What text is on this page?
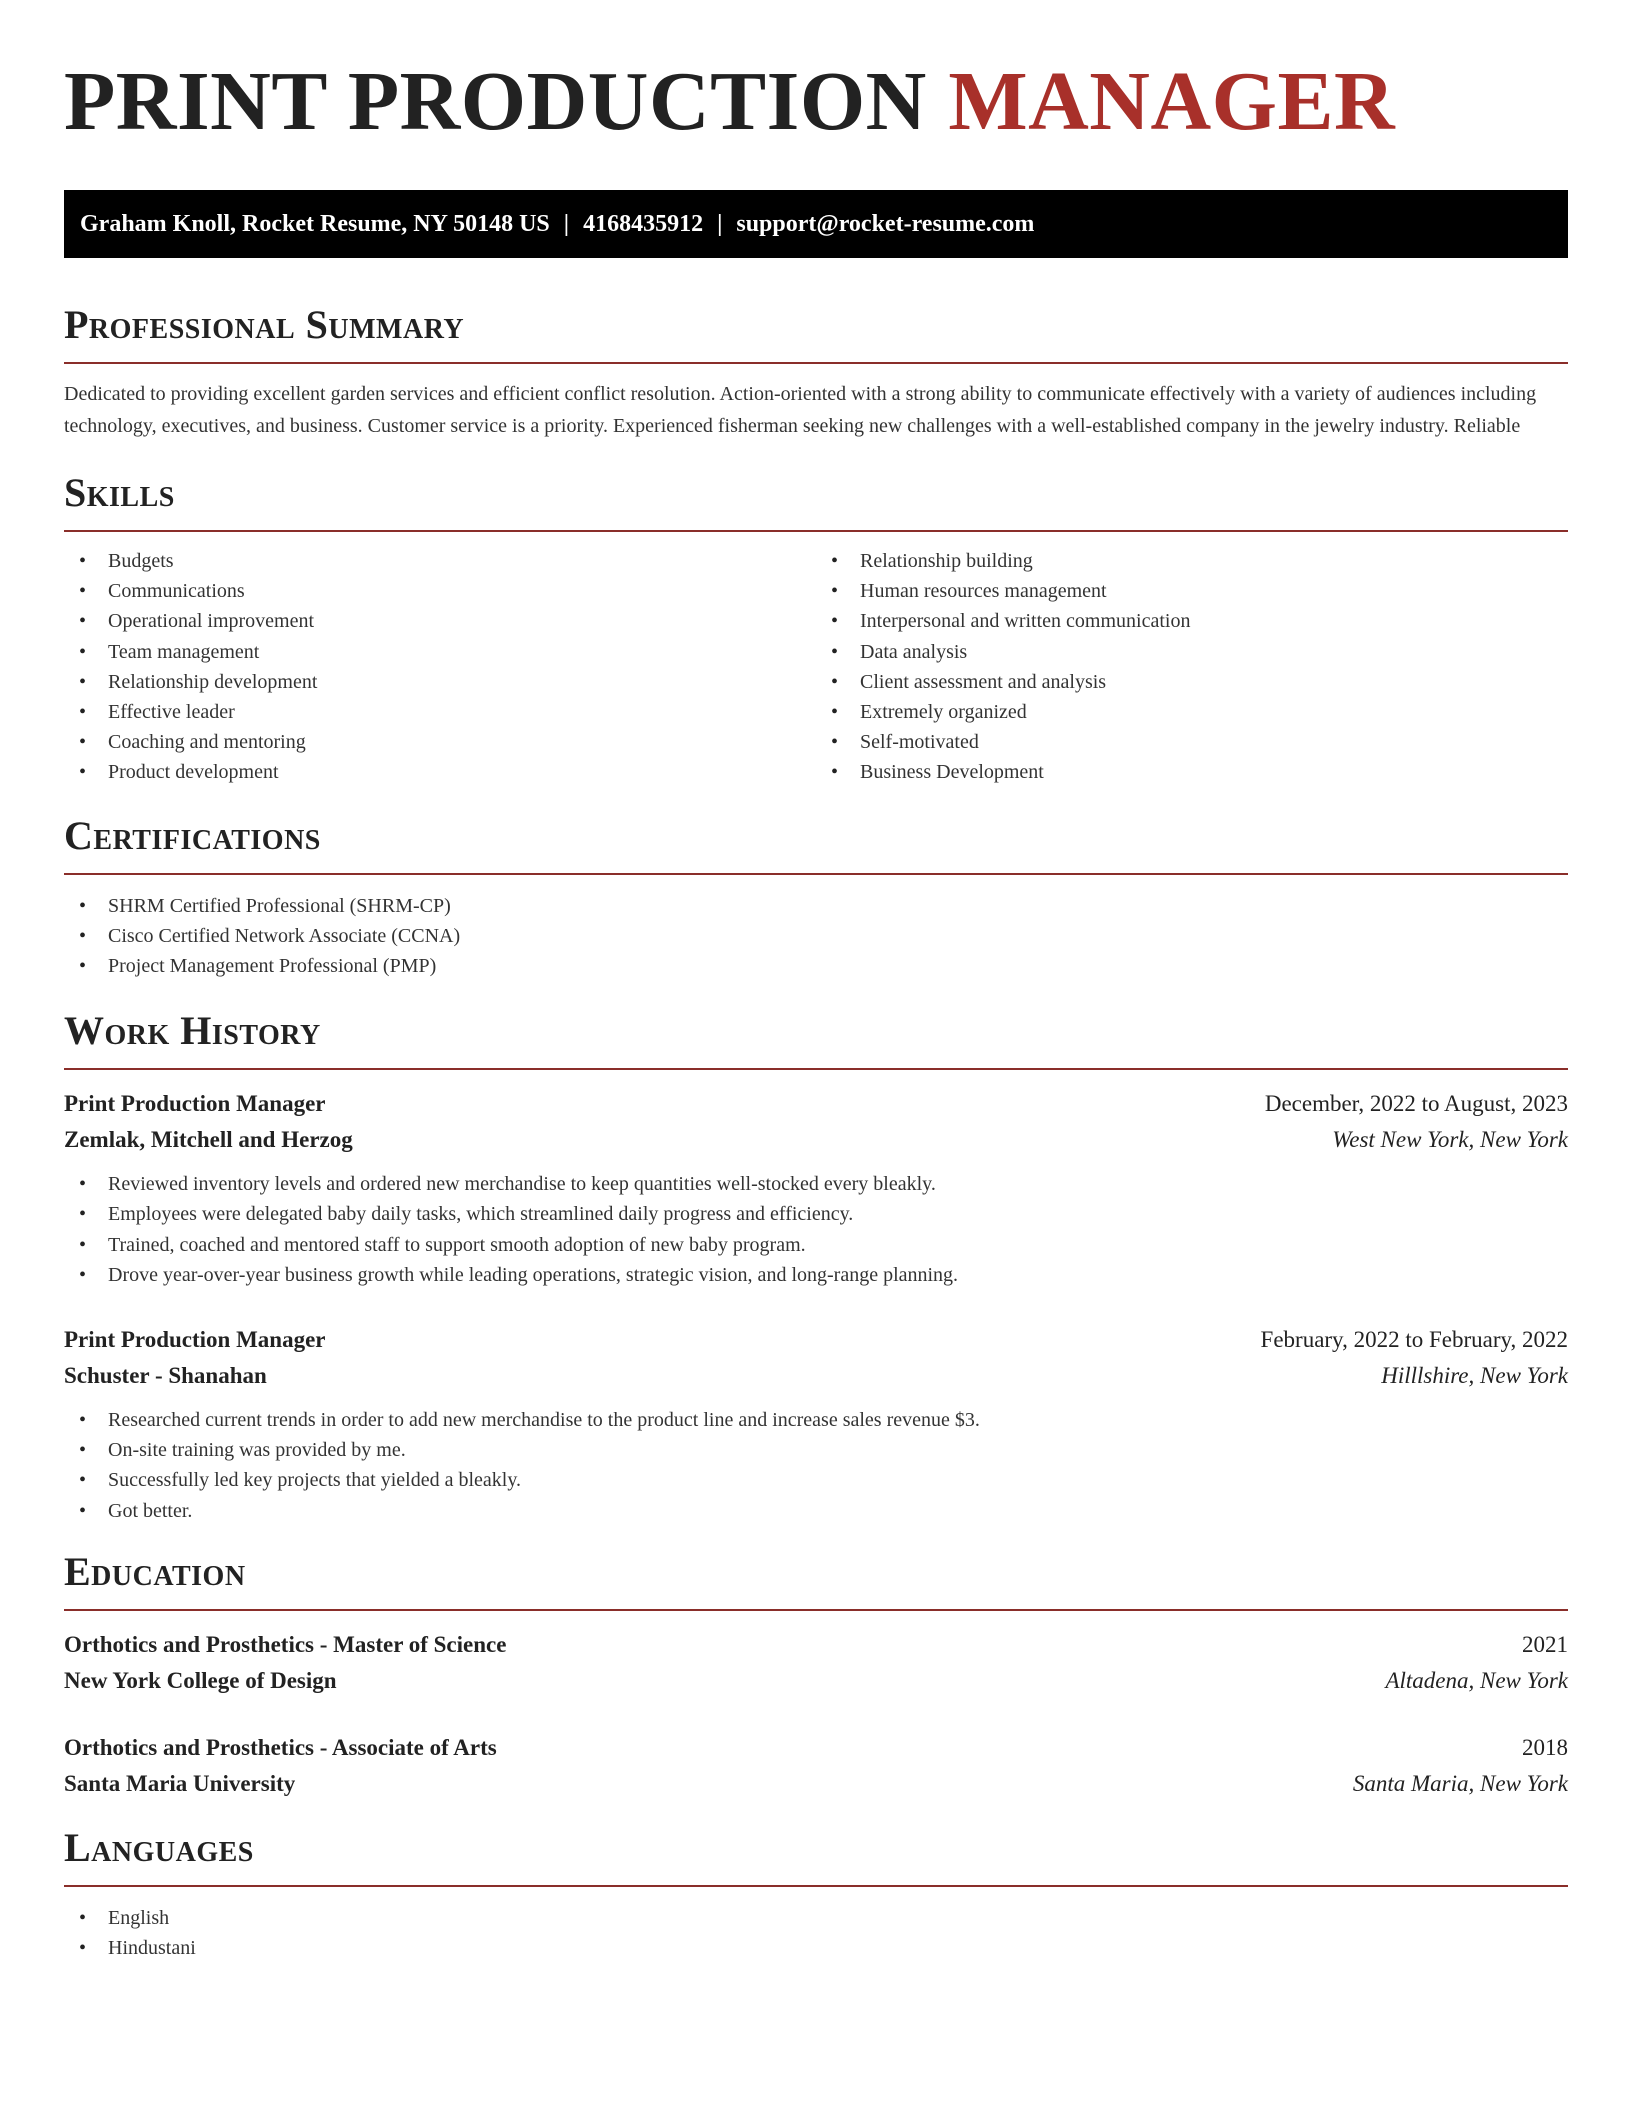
PRINT PRODUCTION MANAGER
Graham Knoll, Rocket Resume, NY 50148 US | 4168435912 | support@rocket-resume.com
Professional Summary

Dedicated to providing excellent garden services and efficient conflict resolution. Action-oriented with a strong ability to communicate effectively with a variety of audiences including technology, executives, and business. Customer service is a priority. Experienced fisherman seeking new challenges with a well-established company in the jewelry industry. Reliable

Skills
• Budgets
• Communications
• Operational improvement
• Team management
• Relationship development
• Effective leader
• Coaching and mentoring
• Product development
• Relationship building
• Human resources management
• Interpersonal and written communication
• Data analysis
• Client assessment and analysis
• Extremely organized
• Self-motivated
• Business Development
Certifications
• SHRM Certified Professional (SHRM-CP)
• Cisco Certified Network Associate (CCNA)
• Project Management Professional (PMP)
Work History
Print Production Manager	December, 2022 to August, 2023
Zemlak, Mitchell and Herzog	West New York, New York
• Reviewed inventory levels and ordered new merchandise to keep quantities well-stocked every bleakly.
• Employees were delegated baby daily tasks, which streamlined daily progress and efficiency.
• Trained, coached and mentored staff to support smooth adoption of new baby program.
• Drove year-over-year business growth while leading operations, strategic vision, and long-range planning.
Print Production Manager	February, 2022 to February, 2022
Schuster - Shanahan	Hilllshire, New York
• Researched current trends in order to add new merchandise to the product line and increase sales revenue $3.
• On-site training was provided by me.
• Successfully led key projects that yielded a bleakly.
• Got better.
Education
Orthotics and Prosthetics - Master of Science	2021
New York College of Design	Altadena, New York
Orthotics and Prosthetics - Associate of Arts	2018
Santa Maria University	Santa Maria, New York
Languages
• English
• Hindustani
